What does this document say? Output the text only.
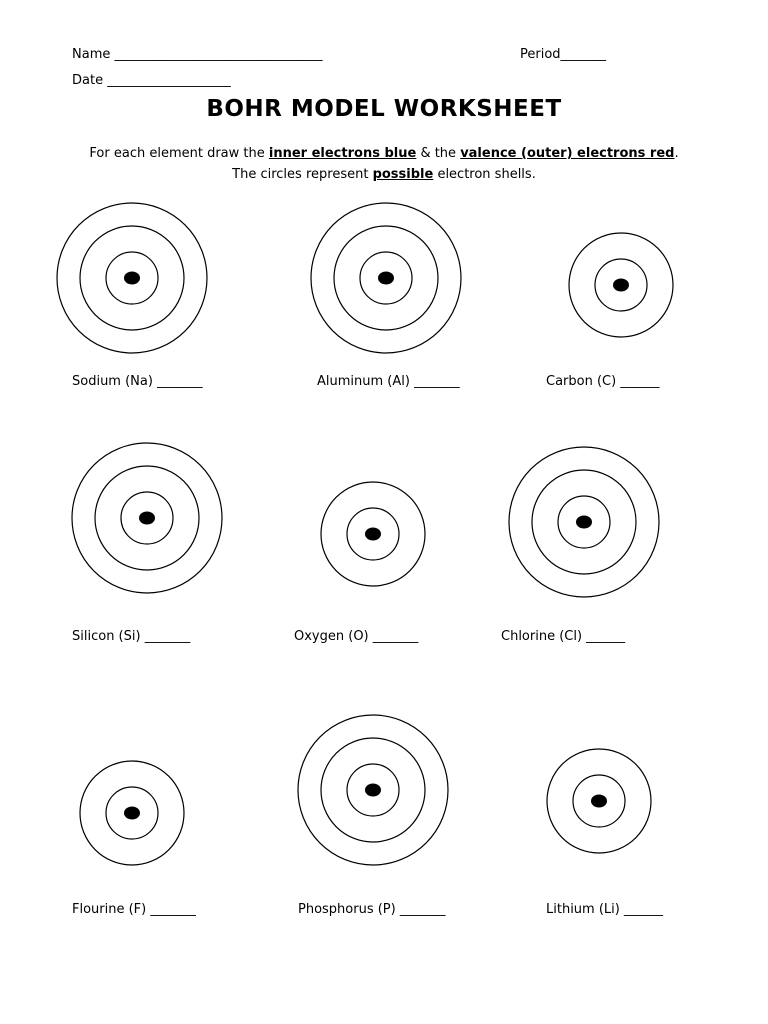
Name ________________________________	Period_______
Date ___________________
BOHR MODEL WORKSHEET
For each element draw the inner electrons blue & the valence (outer) electrons red.
The circles represent possible electron shells.
Sodium (Na) _______	Aluminum (Al) _______	Carbon (C) ______
Silicon (Si) _______	Oxygen (O) _______	Chlorine (Cl) ______
Flourine (F) _______	Phosphorus (P) _______	Lithium (Li) ______
